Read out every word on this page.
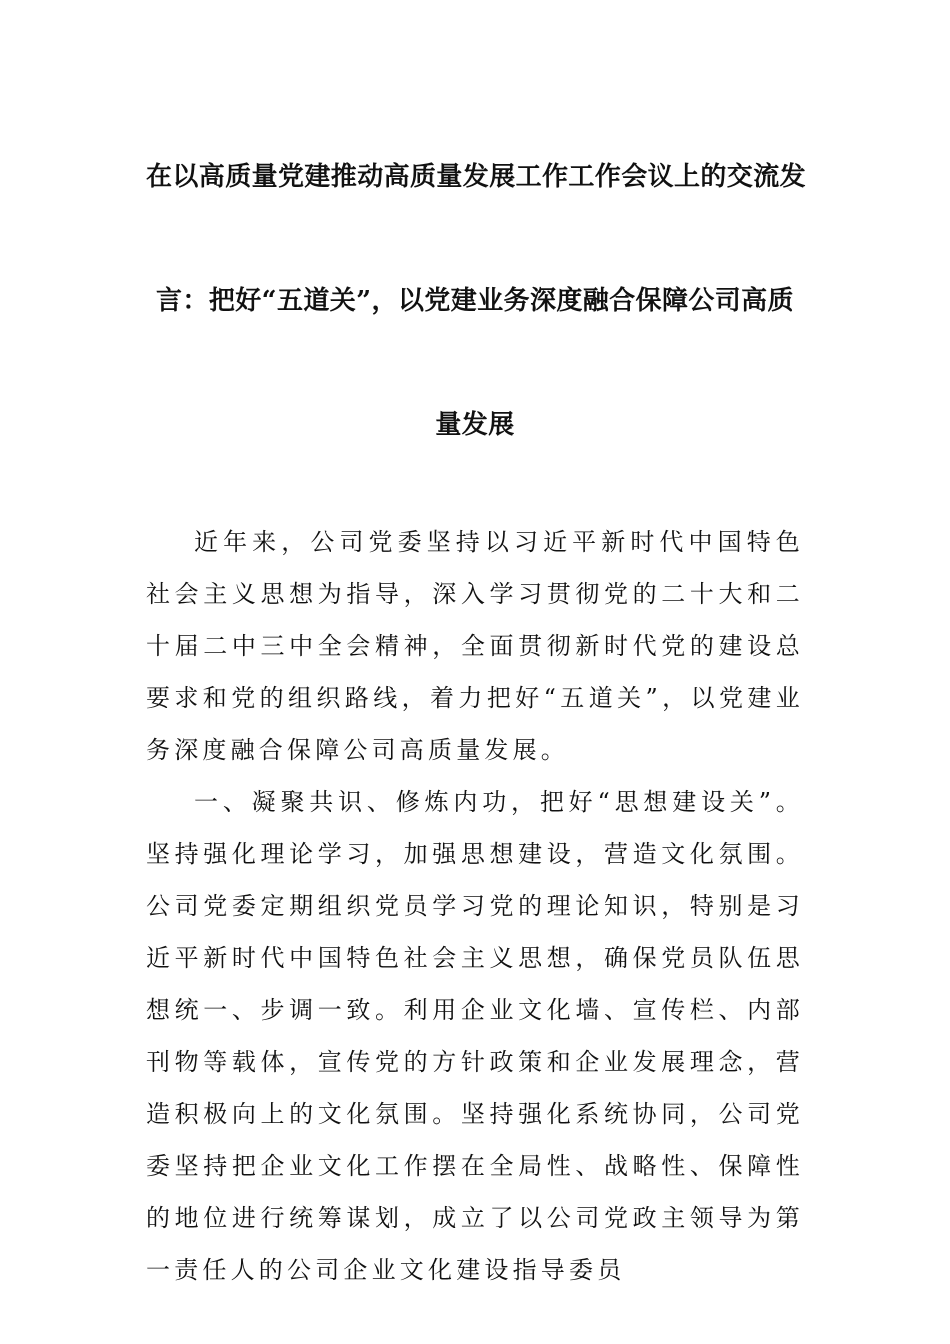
在以高质量党建推动高质量发展工作工作会议上的交流发
言：把好“五道关”，以党建业务深度融合保障公司高质
量发展

近年来，公司党委坚持以习近平新时代中国特色社会主义思想为指导，深入学习贯彻党的二十大和二十届二中三中全会精神，全面贯彻新时代党的建设总要求和党的组织路线，着力把好“五道关”，以党建业务深度融合保障公司高质量发展。

一、凝聚共识、修炼内功，把好“思想建设关”。坚持强化理论学习，加强思想建设，营造文化氛围。公司党委定期组织党员学习党的理论知识，特别是习近平新时代中国特色社会主义思想，确保党员队伍思想统一、步调一致。利用企业文化墙、宣传栏、内部刊物等载体，宣传党的方针政策和企业发展理念，营造积极向上的文化氛围。坚持强化系统协同，公司党委坚持把企业文化工作摆在全局性、战略性、保障性的地位进行统筹谋划，成立了以公司党政主领导为第一责任人的公司企业文化建设指导委员
